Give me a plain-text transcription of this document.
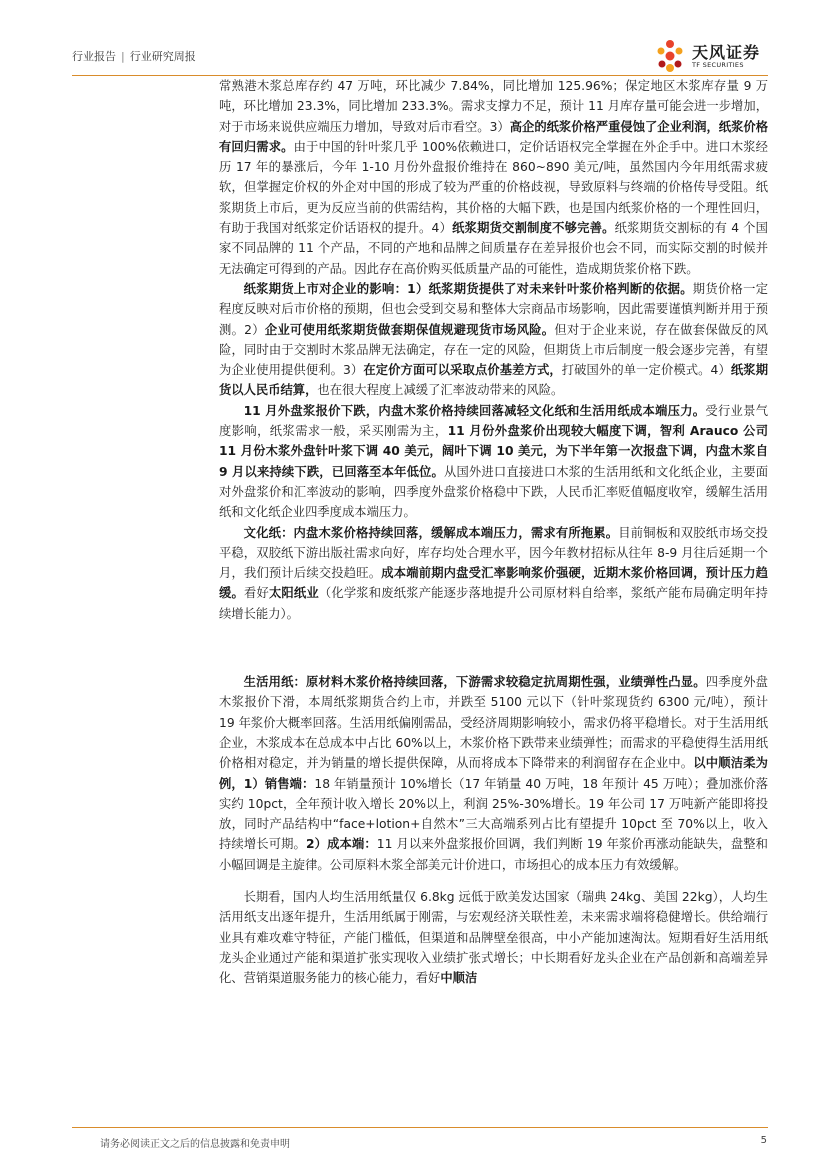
行业报告 | 行业研究周报	天风证券
TF SECURITIES

常熟港木浆总库存约 47 万吨，环比减少 7.84%，同比增加 125.96%；保定地区木浆库存量 9 万吨，环比增加 23.3%，同比增加 233.3%。需求支撑力不足，预计 11 月库存量可能会进一步增加，对于市场来说供应端压力增加，导致对后市看空。3）高企的纸浆价格严重侵蚀了企业利润，纸浆价格有回归需求。由于中国的针叶浆几乎 100%依赖进口，定价话语权完全掌握在外企手中。进口木浆经历 17 年的暴涨后，今年 1-10 月份外盘报价维持在 860~890 美元/吨，虽然国内今年用纸需求疲软，但掌握定价权的外企对中国的形成了较为严重的价格歧视，导致原料与终端的价格传导受阻。纸浆期货上市后，更为反应当前的供需结构，其价格的大幅下跌，也是国内纸浆价格的一个理性回归，有助于我国对纸浆定价话语权的提升。4）纸浆期货交割制度不够完善。纸浆期货交割标的有 4 个国家不同品牌的 11 个产品，不同的产地和品牌之间质量存在差异报价也会不同，而实际交割的时候并无法确定可得到的产品。因此存在高价购买低质量产品的可能性，造成期货浆价格下跌。

纸浆期货上市对企业的影响：1）纸浆期货提供了对未来针叶浆价格判断的依据。期货价格一定程度反映对后市价格的预期，但也会受到交易和整体大宗商品市场影响，因此需要谨慎判断并用于预测。2）企业可使用纸浆期货做套期保值规避现货市场风险。但对于企业来说，存在做套保做反的风险，同时由于交割时木浆品牌无法确定，存在一定的风险，但期货上市后制度一般会逐步完善，有望为企业使用提供便利。3）在定价方面可以采取点价基差方式，打破国外的单一定价模式。4）纸浆期货以人民币结算，也在很大程度上减缓了汇率波动带来的风险。

11 月外盘浆报价下跌，内盘木浆价格持续回落减轻文化纸和生活用纸成本端压力。受行业景气度影响，纸浆需求一般，采买刚需为主，11 月份外盘浆价出现较大幅度下调，智利 Arauco 公司 11 月份木浆外盘针叶浆下调 40 美元，阔叶下调 10 美元，为下半年第一次报盘下调，内盘木浆自 9 月以来持续下跌，已回落至本年低位。从国外进口直接进口木浆的生活用纸和文化纸企业，主要面对外盘浆价和汇率波动的影响，四季度外盘浆价格稳中下跌，人民币汇率贬值幅度收窄，缓解生活用纸和文化纸企业四季度成本端压力。

文化纸：内盘木浆价格持续回落，缓解成本端压力，需求有所拖累。目前铜板和双胶纸市场交投平稳，双胶纸下游出版社需求向好，库存均处合理水平，因今年教材招标从往年 8-9 月往后延期一个月，我们预计后续交投趋旺。成本端前期内盘受汇率影响浆价强硬，近期木浆价格回调，预计压力趋缓。看好太阳纸业（化学浆和废纸浆产能逐步落地提升公司原材料自给率，浆纸产能布局确定明年持续增长能力）。

生活用纸：原材料木浆价格持续回落，下游需求较稳定抗周期性强，业绩弹性凸显。四季度外盘木浆报价下滑，本周纸浆期货合约上市，并跌至 5100 元以下（针叶浆现货约 6300 元/吨），预计 19 年浆价大概率回落。生活用纸偏刚需品，受经济周期影响较小，需求仍将平稳增长。对于生活用纸企业，木浆成本在总成本中占比 60%以上，木浆价格下跌带来业绩弹性；而需求的平稳使得生活用纸价格相对稳定，并为销量的增长提供保障，从而将成本下降带来的利润留存在企业中。以中顺洁柔为例，1）销售端：18 年销量预计 10%增长（17 年销量 40 万吨，18 年预计 45 万吨）；叠加涨价落实约 10pct，全年预计收入增长 20%以上，利润 25%-30%增长。19 年公司 17 万吨新产能即将投放，同时产品结构中“face+lotion+自然木”三大高端系列占比有望提升 10pct 至 70%以上，收入持续增长可期。2）成本端：11 月以来外盘浆报价回调，我们判断 19 年浆价再涨动能缺失，盘整和小幅回调是主旋律。公司原料木浆全部美元计价进口，市场担心的成本压力有效缓解。

长期看，国内人均生活用纸量仅 6.8kg 远低于欧美发达国家（瑞典 24kg、美国 22kg），人均生活用纸支出逐年提升，生活用纸属于刚需，与宏观经济关联性差，未来需求端将稳健增长。供给端行业具有难攻难守特征，产能门槛低，但渠道和品牌壁垒很高，中小产能加速淘汰。短期看好生活用纸龙头企业通过产能和渠道扩张实现收入业绩扩张式增长；中长期看好龙头企业在产品创新和高端差异化、营销渠道服务能力的核心能力，看好中顺洁

请务必阅读正文之后的信息披露和免责申明	5
